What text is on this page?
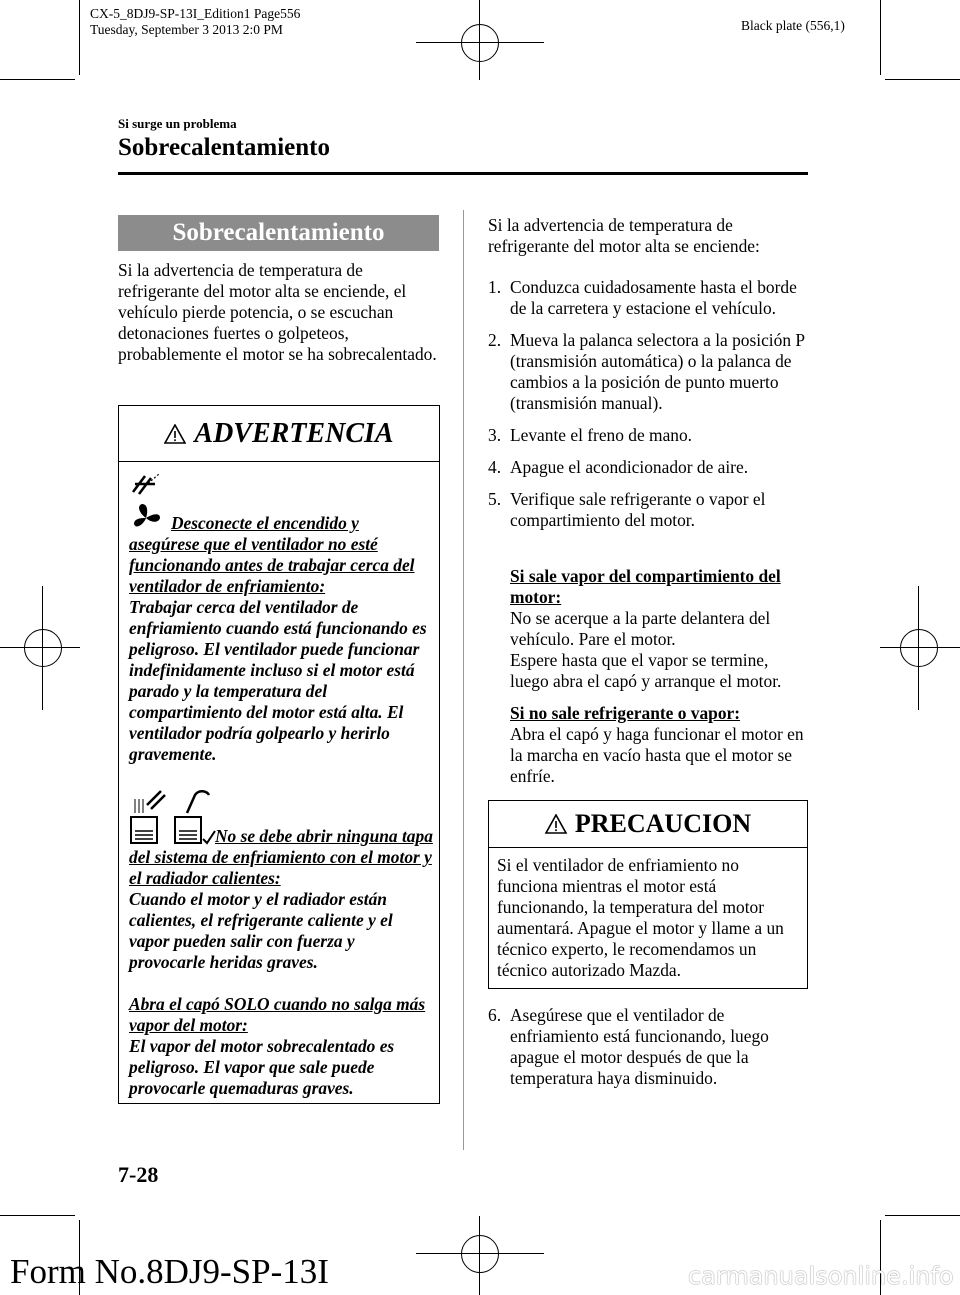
CX-5_8DJ9-SP-13I_Edition1 Page556
Tuesday, September 3 2013 2:0 PM	Black plate (556,1)
Si surge un problema
Sobrecalentamiento
Sobrecalentamiento

Si la advertencia de temperatura de refrigerante del motor alta se enciende, el vehículo pierde potencia, o se escuchan detonaciones fuertes o golpeteos, probablemente el motor se ha sobrecalentado.

ADVERTENCIA

Desconecte el encendido y asegúrese que el ventilador no esté funcionando antes de trabajar cerca del ventilador de enfriamiento:

Trabajar cerca del ventilador de enfriamiento cuando está funcionando es peligroso. El ventilador puede funcionar indefinidamente incluso si el motor está parado y la temperatura del compartimiento del motor está alta. El ventilador podría golpearlo y herirlo gravemente.

No se debe abrir ninguna tapa del sistema de enfriamiento con el motor y el radiador calientes:

Cuando el motor y el radiador están calientes, el refrigerante caliente y el vapor pueden salir con fuerza y provocarle heridas graves.

Abra el capó SOLO cuando no salga más vapor del motor:

El vapor del motor sobrecalentado es peligroso. El vapor que sale puede provocarle quemaduras graves.

Si la advertencia de temperatura de refrigerante del motor alta se enciende:

1. Conduzca cuidadosamente hasta el borde de la carretera y estacione el vehículo.
2. Mueva la palanca selectora a la posición P (transmisión automática) o la palanca de cambios a la posición de punto muerto (transmisión manual).
3. Levante el freno de mano.
4. Apague el acondicionador de aire.
5. Verifique sale refrigerante o vapor el compartimiento del motor.

Si sale vapor del compartimiento del motor:

No se acerque a la parte delantera del vehículo. Pare el motor.

Espere hasta que el vapor se termine, luego abra el capó y arranque el motor.

Si no sale refrigerante o vapor:

Abra el capó y haga funcionar el motor en la marcha en vacío hasta que el motor se enfríe.

PRECAUCION
Si el ventilador de enfriamiento no funciona mientras el motor está funcionando, la temperatura del motor aumentará. Apague el motor y llame a un técnico experto, le recomendamos un técnico autorizado Mazda.
6. Asegúrese que el ventilador de enfriamiento está funcionando, luego apague el motor después de que la temperatura haya disminuido.
7-28
Form No.8DJ9-SP-13I	carmanualsonline.info
